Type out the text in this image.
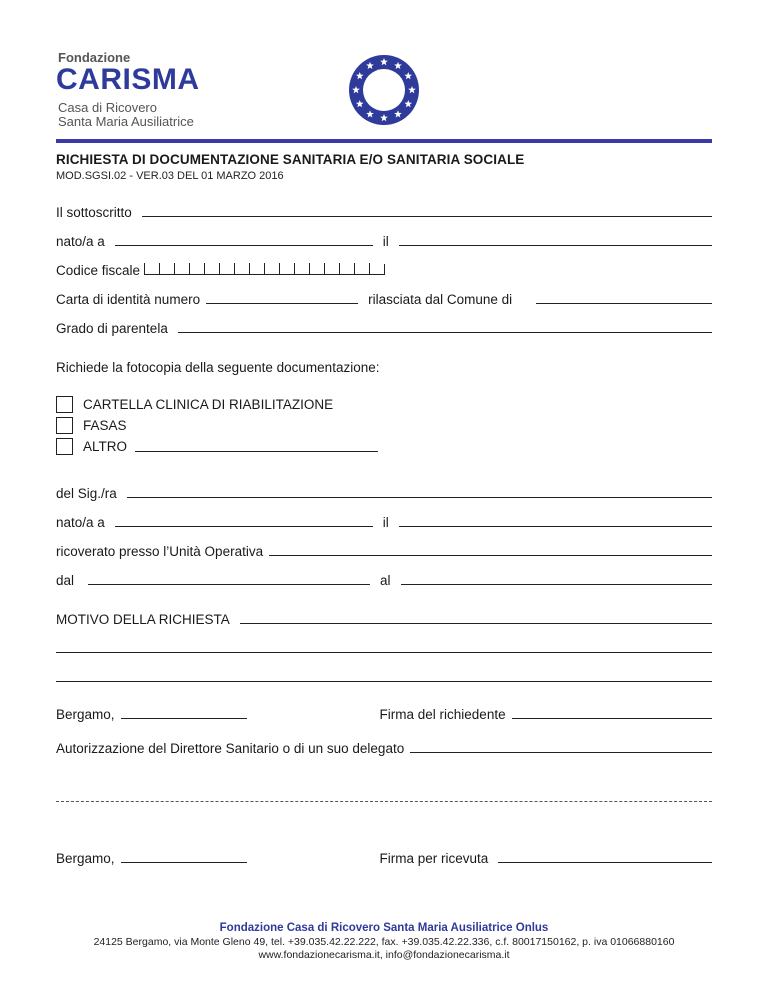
Fondazione
CARISMA
Casa di Ricovero
Santa Maria Ausiliatrice
RICHIESTA DI DOCUMENTAZIONE SANITARIA E/O SANITARIA SOCIALE
MOD.SGSI.02 - VER.03 DEL 01 MARZO 2016
Il sottoscritto
nato/a a	il
Codice fiscale
Carta di identità numero	rilasciata dal Comune di
Grado di parentela
Richiede la fotocopia della seguente documentazione:
CARTELLA CLINICA DI RIABILITAZIONE
FASAS
ALTRO
del Sig./ra
nato/a a	il
ricoverato presso l’Unità Operativa
dal	al
MOTIVO DELLA RICHIESTA
Bergamo,	Firma del richiedente
Autorizzazione del Direttore Sanitario o di un suo delegato
Bergamo,	Firma per ricevuta
Fondazione Casa di Ricovero Santa Maria Ausiliatrice Onlus
24125 Bergamo, via Monte Gleno 49, tel. +39.035.42.22.222, fax. +39.035.42.22.336, c.f. 80017150162, p. iva 01066880160
www.fondazionecarisma.it, info@fondazionecarisma.it
